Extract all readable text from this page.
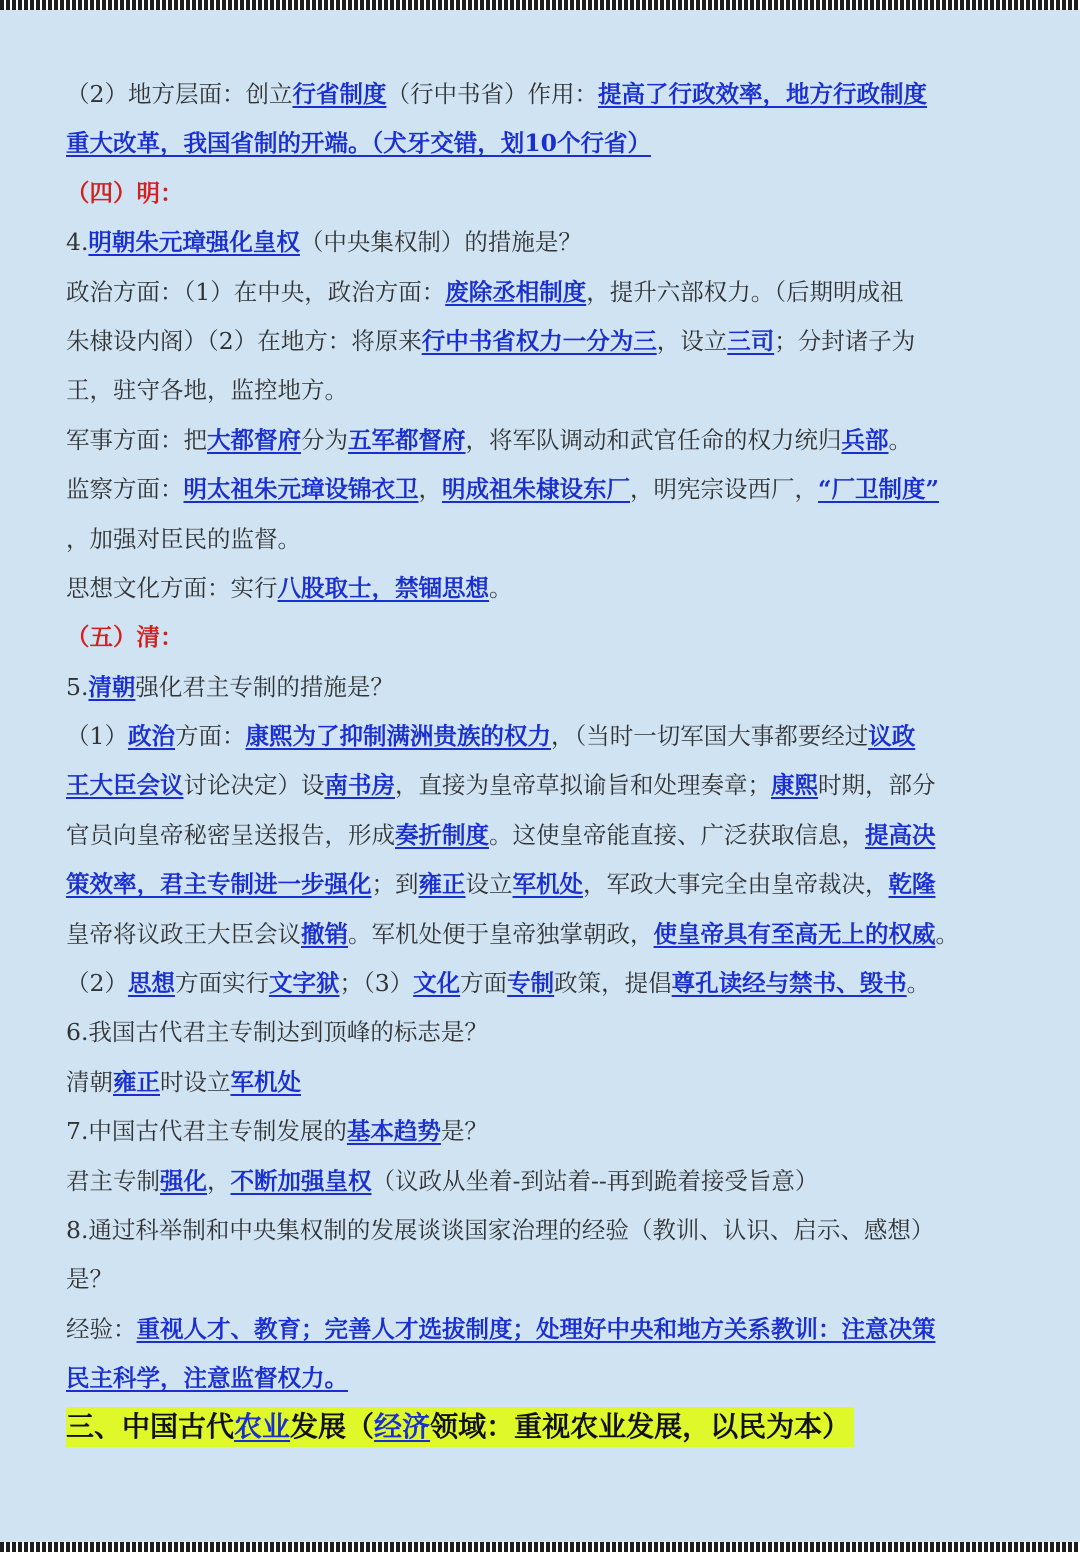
（2）地方层面：创立行省制度（行中书省）作用：提高了行政效率，地方行政制度
重大改革，我国省制的开端。（犬牙交错，划10个行省）
（四）明：
4.明朝朱元璋强化皇权（中央集权制）的措施是？
政治方面：（1）在中央，政治方面：废除丞相制度，提升六部权力。（后期明成祖
朱棣设内阁）（2）在地方：将原来行中书省权力一分为三，设立三司；分封诸子为
王，驻守各地，监控地方。
军事方面：把大都督府分为五军都督府，将军队调动和武官任命的权力统归兵部。
监察方面：明太祖朱元璋设锦衣卫，明成祖朱棣设东厂，明宪宗设西厂，“厂卫制度”
，加强对臣民的监督。
思想文化方面：实行八股取士，禁锢思想。
（五）清：
5.清朝强化君主专制的措施是？
（1）政治方面：康熙为了抑制满洲贵族的权力，（当时一切军国大事都要经过议政
王大臣会议讨论决定）设南书房，直接为皇帝草拟谕旨和处理奏章；康熙时期，部分
官员向皇帝秘密呈送报告，形成奏折制度。这使皇帝能直接、广泛获取信息，提高决
策效率，君主专制进一步强化；到雍正设立军机处，军政大事完全由皇帝裁决，乾隆
皇帝将议政王大臣会议撤销。军机处便于皇帝独掌朝政，使皇帝具有至高无上的权威。
（2）思想方面实行文字狱；（3）文化方面专制政策，提倡尊孔读经与禁书、毁书。
6.我国古代君主专制达到顶峰的标志是？
清朝雍正时设立军机处
7.中国古代君主专制发展的基本趋势是？
君主专制强化，不断加强皇权（议政从坐着-到站着--再到跪着接受旨意）
8.通过科举制和中央集权制的发展谈谈国家治理的经验（教训、认识、启示、感想）
是？
经验：重视人才、教育；完善人才选拔制度；处理好中央和地方关系教训：注意决策
民主科学，注意监督权力。
三、中国古代农业发展（经济领域：重视农业发展，以民为本）
